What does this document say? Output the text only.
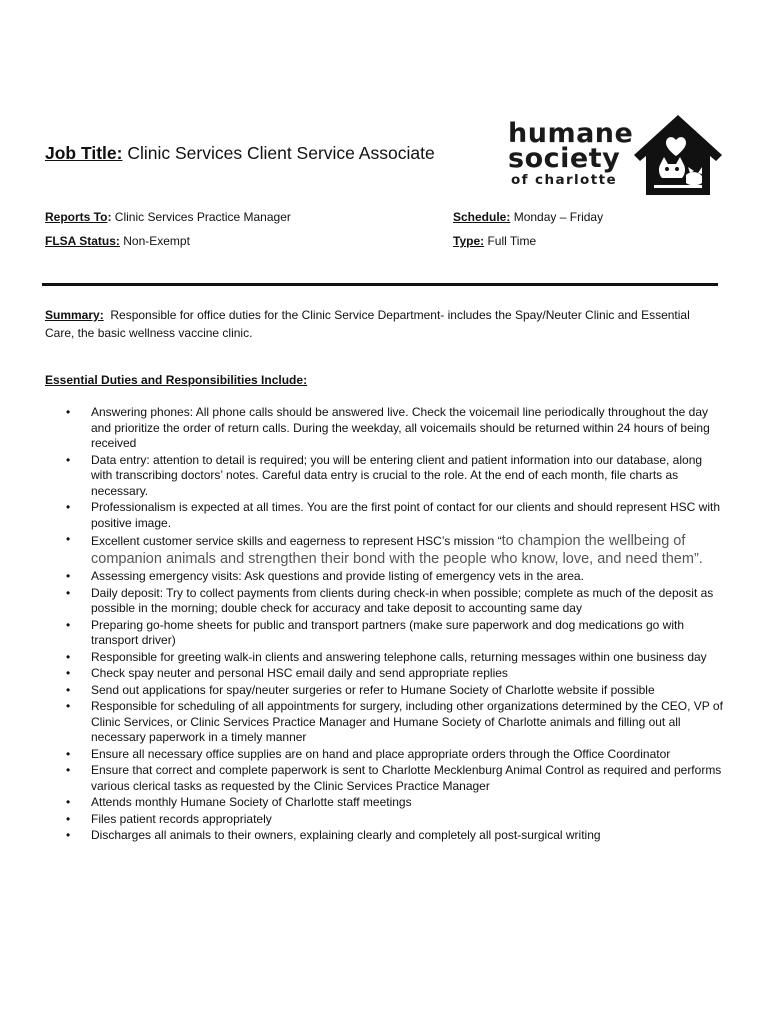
Job Title: Clinic Services Client Service Associate
humane
society
of charlotte
Reports To: Clinic Services Practice Manager	Schedule: Monday – Friday
FLSA Status: Non-Exempt	Type: Full Time
Summary: Responsible for office duties for the Clinic Service Department- includes the Spay/Neuter Clinic and Essential Care, the basic wellness vaccine clinic.
Essential Duties and Responsibilities Include:
• Answering phones: All phone calls should be answered live. Check the voicemail line periodically throughout the day and prioritize the order of return calls. During the weekday, all voicemails should be returned within 24 hours of being received
• Data entry: attention to detail is required; you will be entering client and patient information into our database, along with transcribing doctors’ notes. Careful data entry is crucial to the role. At the end of each month, file charts as necessary.
• Professionalism is expected at all times. You are the first point of contact for our clients and should represent HSC with positive image.
• Excellent customer service skills and eagerness to represent HSC’s mission “to champion the wellbeing of companion animals and strengthen their bond with the people who know, love, and need them”.
• Assessing emergency visits: Ask questions and provide listing of emergency vets in the area.
• Daily deposit: Try to collect payments from clients during check-in when possible; complete as much of the deposit as possible in the morning; double check for accuracy and take deposit to accounting same day
• Preparing go-home sheets for public and transport partners (make sure paperwork and dog medications go with transport driver)
• Responsible for greeting walk-in clients and answering telephone calls, returning messages within one business day
• Check spay neuter and personal HSC email daily and send appropriate replies
• Send out applications for spay/neuter surgeries or refer to Humane Society of Charlotte website if possible
• Responsible for scheduling of all appointments for surgery, including other organizations determined by the CEO, VP of Clinic Services, or Clinic Services Practice Manager and Humane Society of Charlotte animals and filling out all necessary paperwork in a timely manner
• Ensure all necessary office supplies are on hand and place appropriate orders through the Office Coordinator
• Ensure that correct and complete paperwork is sent to Charlotte Mecklenburg Animal Control as required and performs various clerical tasks as requested by the Clinic Services Practice Manager
• Attends monthly Humane Society of Charlotte staff meetings
• Files patient records appropriately
• Discharges all animals to their owners, explaining clearly and completely all post-surgical writing
